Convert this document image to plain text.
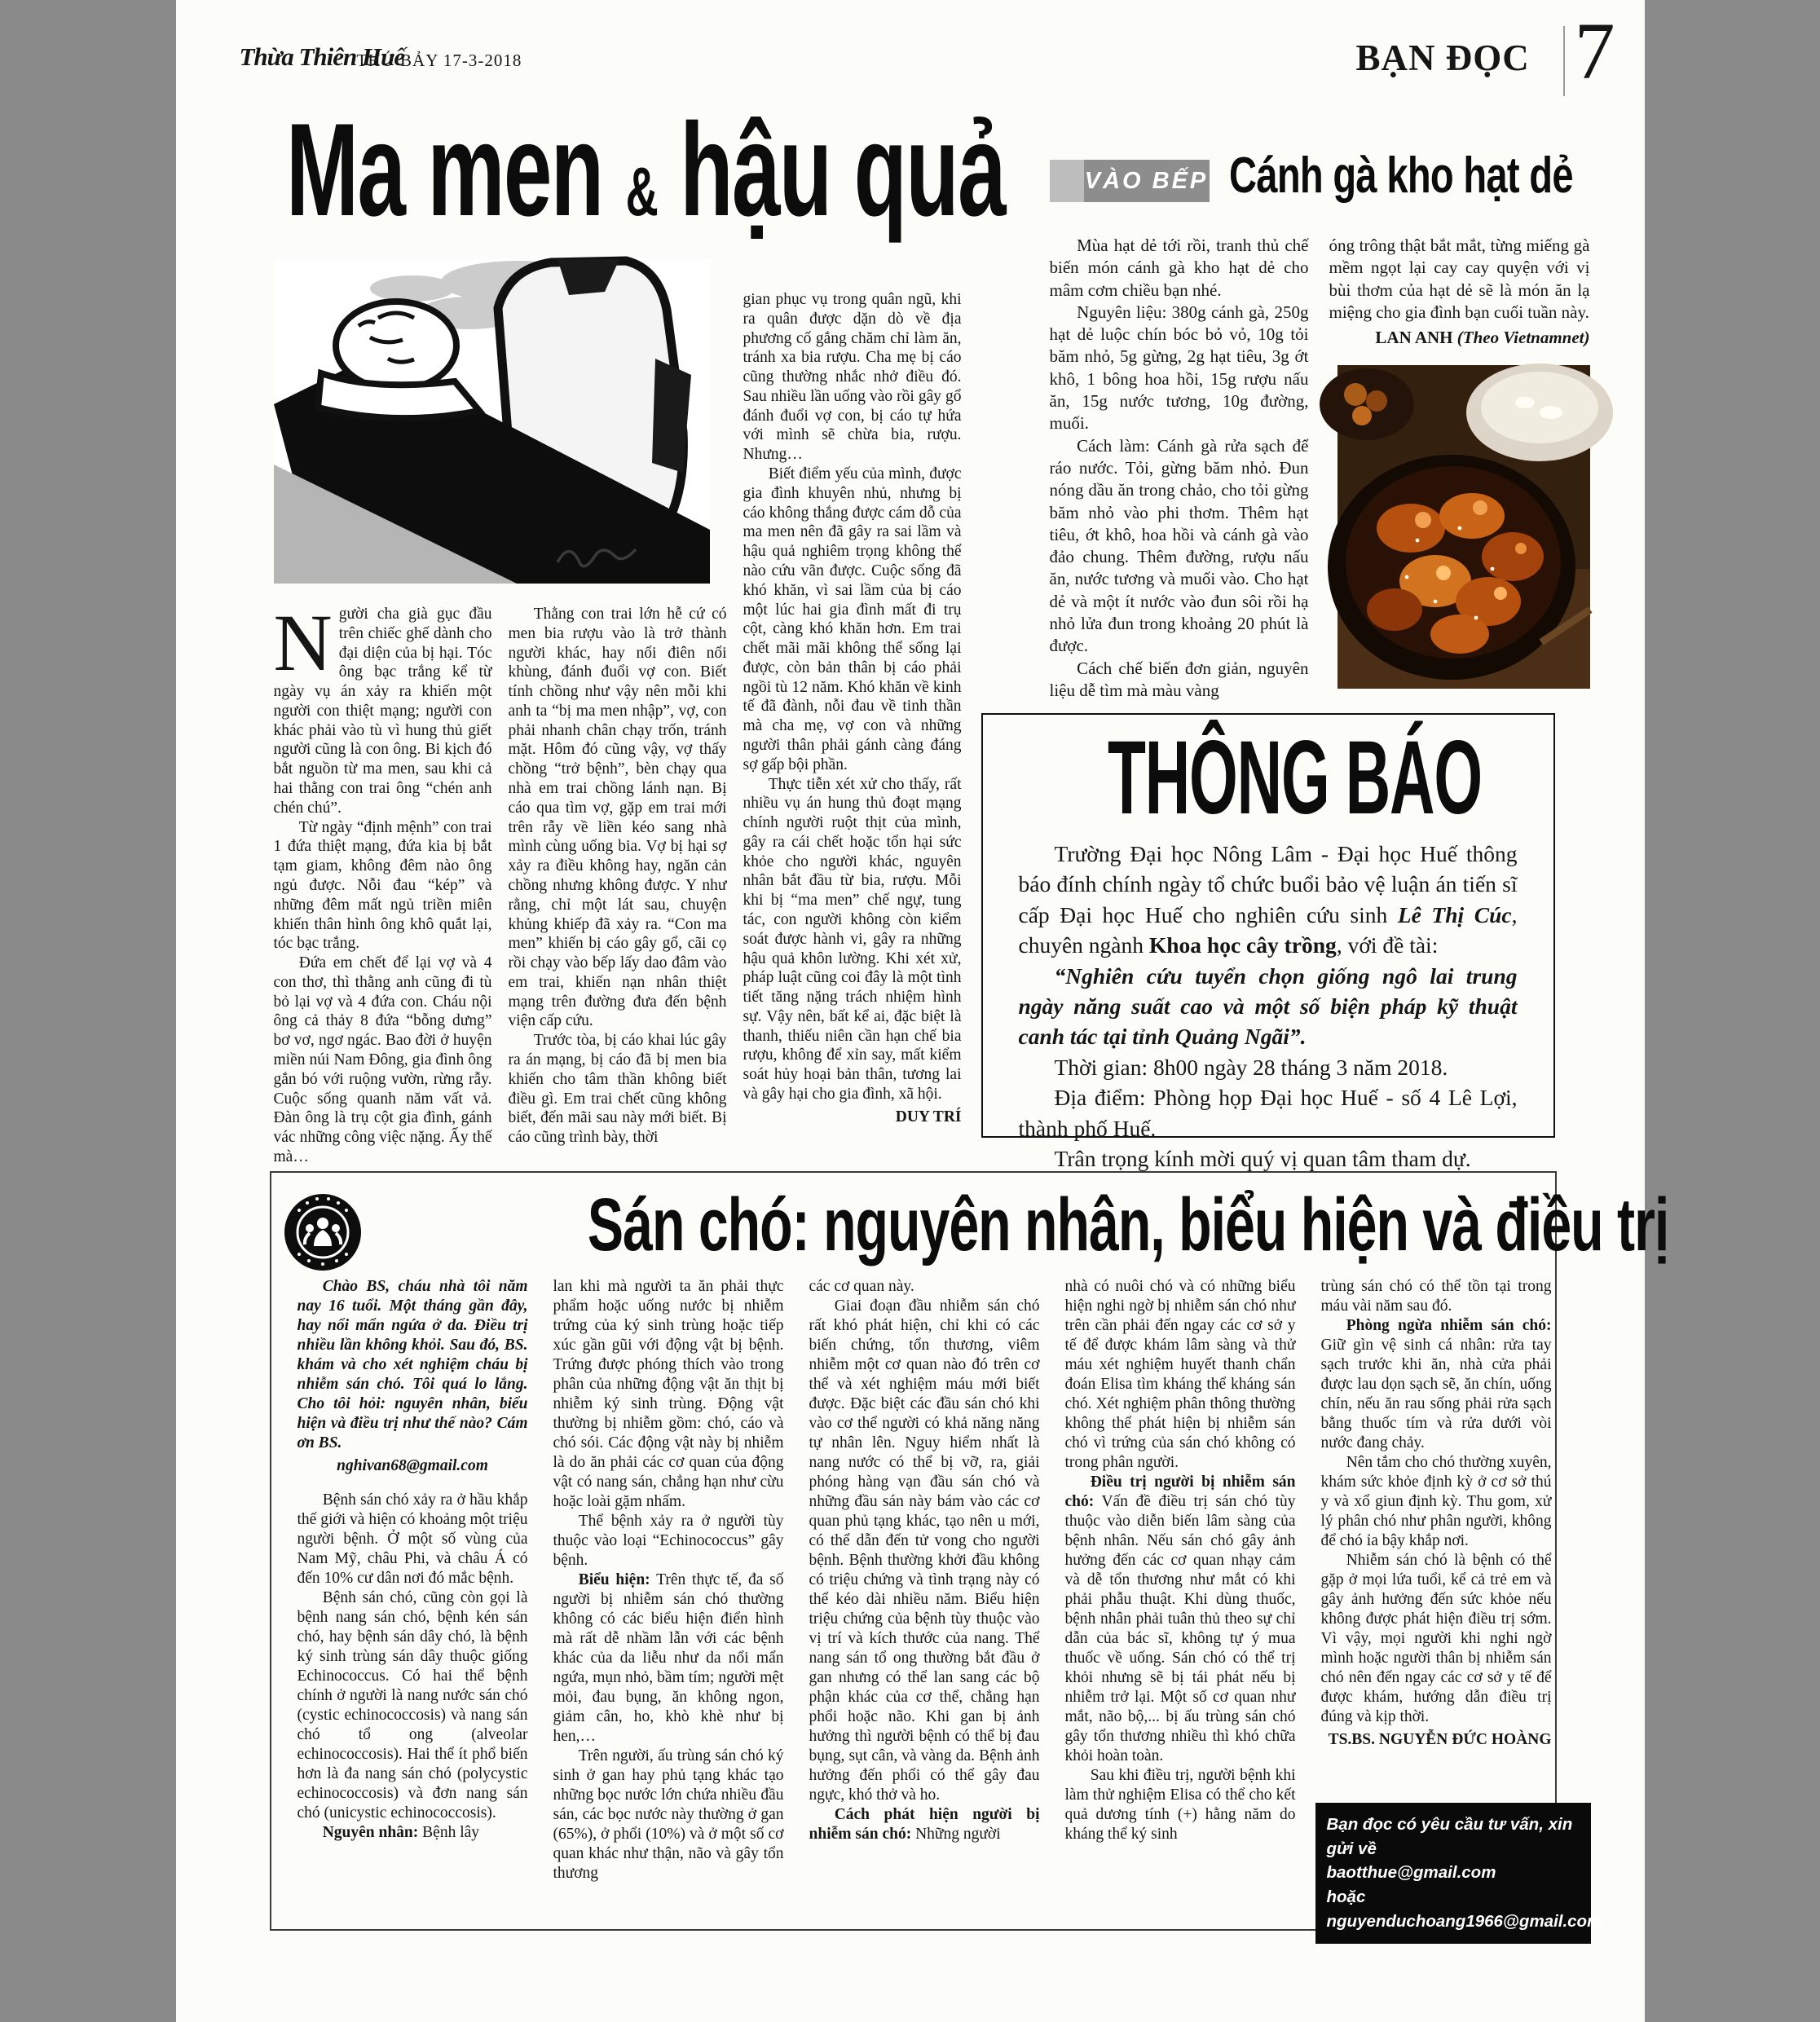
Thừa Thiên Huế
THỨ BẢY 17-3-2018	BẠN ĐỌC 7
Ma men & hậu quả

Người cha già gục đầu trên chiếc ghế dành cho đại diện của bị hại. Tóc ông bạc trắng kể từ ngày vụ án xảy ra khiến một người con thiệt mạng; người con khác phải vào tù vì hung thủ giết người cũng là con ông. Bi kịch đó bắt nguồn từ ma men, sau khi cả hai thằng con trai ông “chén anh chén chú”.

Từ ngày “định mệnh” con trai 1 đứa thiệt mạng, đứa kia bị bắt tạm giam, không đêm nào ông ngủ được. Nỗi đau “kép” và những đêm mất ngủ triền miên khiến thân hình ông khô quắt lại, tóc bạc trắng.

Đứa em chết để lại vợ và 4 con thơ, thì thằng anh cũng đi tù bỏ lại vợ và 4 đứa con. Cháu nội ông cả thảy 8 đứa “bỗng dưng” bơ vơ, ngơ ngác. Bao đời ở huyện miền núi Nam Đông, gia đình ông gắn bó với ruộng vườn, rừng rẫy. Cuộc sống quanh năm vất vả. Đàn ông là trụ cột gia đình, gánh vác những công việc nặng. Ấy thế mà…

Thằng con trai lớn hễ cứ có men bia rượu vào là trở thành người khác, hay nổi điên nổi khùng, đánh đuổi vợ con. Biết tính chồng như vậy nên mỗi khi anh ta “bị ma men nhập”, vợ, con phải nhanh chân chạy trốn, tránh mặt. Hôm đó cũng vậy, vợ thấy chồng “trở bệnh”, bèn chạy qua nhà em trai chồng lánh nạn. Bị cáo qua tìm vợ, gặp em trai mới trên rẫy về liền kéo sang nhà mình cùng uống bia. Vợ bị hại sợ xảy ra điều không hay, ngăn cản chồng nhưng không được. Y như rằng, chỉ một lát sau, chuyện khủng khiếp đã xảy ra. “Con ma men” khiến bị cáo gây gổ, cãi cọ rồi chạy vào bếp lấy dao đâm vào em trai, khiến nạn nhân thiệt mạng trên đường đưa đến bệnh viện cấp cứu.

Trước tòa, bị cáo khai lúc gây ra án mạng, bị cáo đã bị men bia khiến cho tâm thần không biết điều gì. Em trai chết cũng không biết, đến mãi sau này mới biết. Bị cáo cũng trình bày, thời

gian phục vụ trong quân ngũ, khi ra quân được dặn dò về địa phương cố gắng chăm chỉ làm ăn, tránh xa bia rượu. Cha mẹ bị cáo cũng thường nhắc nhở điều đó. Sau nhiều lần uống vào rồi gây gổ đánh đuổi vợ con, bị cáo tự hứa với mình sẽ chừa bia, rượu. Nhưng…

Biết điểm yếu của mình, được gia đình khuyên nhủ, nhưng bị cáo không thắng được cám dỗ của ma men nên đã gây ra sai lầm và hậu quả nghiêm trọng không thể nào cứu vãn được. Cuộc sống đã khó khăn, vì sai lầm của bị cáo một lúc hai gia đình mất đi trụ cột, càng khó khăn hơn. Em trai chết mãi mãi không thể sống lại được, còn bản thân bị cáo phải ngồi tù 12 năm. Khó khăn về kinh tế đã đành, nỗi đau về tinh thần mà cha mẹ, vợ con và những người thân phải gánh càng đáng sợ gấp bội phần.

Thực tiễn xét xử cho thấy, rất nhiều vụ án hung thủ đoạt mạng chính người ruột thịt của mình, gây ra cái chết hoặc tổn hại sức khỏe cho người khác, nguyên nhân bắt đầu từ bia, rượu. Mỗi khi bị “ma men” chế ngự, tung tác, con người không còn kiểm soát được hành vi, gây ra những hậu quả khôn lường. Khi xét xử, pháp luật cũng coi đây là một tình tiết tăng nặng trách nhiệm hình sự. Vậy nên, bất kể ai, đặc biệt là thanh, thiếu niên cần hạn chế bia rượu, không để xỉn say, mất kiểm soát hủy hoại bản thân, tương lai và gây hại cho gia đình, xã hội.

DUY TRÍ

VÀO BẾP Cánh gà kho hạt dẻ

Mùa hạt dẻ tới rồi, tranh thủ chế biến món cánh gà kho hạt dẻ cho mâm cơm chiều bạn nhé.

Nguyên liệu: 380g cánh gà, 250g hạt dẻ luộc chín bóc bỏ vỏ, 10g tỏi băm nhỏ, 5g gừng, 2g hạt tiêu, 3g ớt khô, 1 bông hoa hồi, 15g rượu nấu ăn, 15g nước tương, 10g đường, muối.

Cách làm: Cánh gà rửa sạch để ráo nước. Tỏi, gừng băm nhỏ. Đun nóng dầu ăn trong chảo, cho tỏi gừng băm nhỏ vào phi thơm. Thêm hạt tiêu, ớt khô, hoa hồi và cánh gà vào đảo chung. Thêm đường, rượu nấu ăn, nước tương và muối vào. Cho hạt dẻ và một ít nước vào đun sôi rồi hạ nhỏ lửa đun trong khoảng 20 phút là được.

Cách chế biến đơn giản, nguyên liệu dễ tìm mà màu vàng

óng trông thật bắt mắt, từng miếng gà mềm ngọt lại cay cay quyện với vị bùi thơm của hạt dẻ sẽ là món ăn lạ miệng cho gia đình bạn cuối tuần này.

LAN ANH (Theo Vietnamnet)

THÔNG BÁO

Trường Đại học Nông Lâm - Đại học Huế thông báo đính chính ngày tổ chức buổi bảo vệ luận án tiến sĩ cấp Đại học Huế cho nghiên cứu sinh Lê Thị Cúc, chuyên ngành Khoa học cây trồng, với đề tài:

“Nghiên cứu tuyển chọn giống ngô lai trung ngày năng suất cao và một số biện pháp kỹ thuật canh tác tại tỉnh Quảng Ngãi”.

Thời gian: 8h00 ngày 28 tháng 3 năm 2018.

Địa điểm: Phòng họp Đại học Huế - số 4 Lê Lợi, thành phố Huế.

Trân trọng kính mời quý vị quan tâm tham dự.

Sán chó: nguyên nhân, biểu hiện và điều trị

Chào BS, cháu nhà tôi năm nay 16 tuổi. Một tháng gần đây, hay nổi mẩn ngứa ở da. Điều trị nhiều lần không khỏi. Sau đó, BS. khám và cho xét nghiệm cháu bị nhiễm sán chó. Tôi quá lo lắng. Cho tôi hỏi: nguyên nhân, biểu hiện và điều trị như thế nào? Cám ơn BS.

nghivan68@gmail.com

Bệnh sán chó xảy ra ở hầu khắp thế giới và hiện có khoảng một triệu người bệnh. Ở một số vùng của Nam Mỹ, châu Phi, và châu Á có đến 10% cư dân nơi đó mắc bệnh.

Bệnh sán chó, cũng còn gọi là bệnh nang sán chó, bệnh kén sán chó, hay bệnh sán dây chó, là bệnh ký sinh trùng sán dây thuộc giống Echinococcus. Có hai thể bệnh chính ở người là nang nước sán chó (cystic echinococcosis) và nang sán chó tổ ong (alveolar echinococcosis). Hai thể ít phổ biến hơn là đa nang sán chó (polycystic echinococcosis) và đơn nang sán chó (unicystic echinococcosis).

Nguyên nhân: Bệnh lây

lan khi mà người ta ăn phải thực phẩm hoặc uống nước bị nhiễm trứng của ký sinh trùng hoặc tiếp xúc gần gũi với động vật bị bệnh. Trứng được phóng thích vào trong phân của những động vật ăn thịt bị nhiễm ký sinh trùng. Động vật thường bị nhiễm gồm: chó, cáo và chó sói. Các động vật này bị nhiễm là do ăn phải các cơ quan của động vật có nang sán, chẳng hạn như cừu hoặc loài gặm nhấm.

Thể bệnh xảy ra ở người tùy thuộc vào loại “Echinococcus” gây bệnh.

Biểu hiện: Trên thực tế, đa số người bị nhiễm sán chó thường không có các biểu hiện điển hình mà rất dễ nhầm lẫn với các bệnh khác của da liễu như da nổi mẩn ngứa, mụn nhỏ, bầm tím; người mệt mỏi, đau bụng, ăn không ngon, giảm cân, ho, khò khè như bị hen,…

Trên người, ấu trùng sán chó ký sinh ở gan hay phủ tạng khác tạo những bọc nước lớn chứa nhiều đầu sán, các bọc nước này thường ở gan (65%), ở phổi (10%) và ở một số cơ quan khác như thận, não và gây tổn thương

các cơ quan này.

Giai đoạn đầu nhiễm sán chó rất khó phát hiện, chỉ khi có các biến chứng, tổn thương, viêm nhiễm một cơ quan nào đó trên cơ thể và xét nghiệm máu mới biết được. Đặc biệt các đầu sán chó khi vào cơ thể người có khả năng năng tự nhân lên. Nguy hiểm nhất là nang nước có thể bị vỡ, ra, giải phóng hàng vạn đầu sán chó và những đầu sán này bám vào các cơ quan phủ tạng khác, tạo nên u mới, có thể dẫn đến tử vong cho người bệnh. Bệnh thường khởi đầu không có triệu chứng và tình trạng này có thể kéo dài nhiều năm. Biểu hiện triệu chứng của bệnh tùy thuộc vào vị trí và kích thước của nang. Thể nang sán tổ ong thường bắt đầu ở gan nhưng có thể lan sang các bộ phận khác của cơ thể, chẳng hạn phổi hoặc não. Khi gan bị ảnh hưởng thì người bệnh có thể bị đau bụng, sụt cân, và vàng da. Bệnh ảnh hưởng đến phổi có thể gây đau ngực, khó thở và ho.

Cách phát hiện người bị nhiễm sán chó: Những người

nhà có nuôi chó và có những biểu hiện nghi ngờ bị nhiễm sán chó như trên cần phải đến ngay các cơ sở y tế để được khám lâm sàng và thử máu xét nghiệm huyết thanh chẩn đoán Elisa tìm kháng thể kháng sán chó. Xét nghiệm phân thông thường không thể phát hiện bị nhiễm sán chó vì trứng của sán chó không có trong phân người.

Điều trị người bị nhiễm sán chó: Vấn đề điều trị sán chó tùy thuộc vào diễn biến lâm sàng của bệnh nhân. Nếu sán chó gây ảnh hưởng đến các cơ quan nhạy cảm và dễ tổn thương như mắt có khi phải phẫu thuật. Khi dùng thuốc, bệnh nhân phải tuân thủ theo sự chỉ dẫn của bác sĩ, không tự ý mua thuốc về uống. Sán chó có thể trị khỏi nhưng sẽ bị tái phát nếu bị nhiễm trở lại. Một số cơ quan như mắt, não bộ,... bị ấu trùng sán chó gây tổn thương nhiều thì khó chữa khỏi hoàn toàn.

Sau khi điều trị, người bệnh khi làm thử nghiệm Elisa có thể cho kết quả dương tính (+) hằng năm do kháng thể ký sinh

trùng sán chó có thể tồn tại trong máu vài năm sau đó.

Phòng ngừa nhiễm sán chó: Giữ gìn vệ sinh cá nhân: rửa tay sạch trước khi ăn, nhà cửa phải được lau dọn sạch sẽ, ăn chín, uống chín, nếu ăn rau sống phải rửa sạch bằng thuốc tím và rửa dưới vòi nước đang chảy.

Nên tắm cho chó thường xuyên, khám sức khỏe định kỳ ở cơ sở thú y và xổ giun định kỳ. Thu gom, xử lý phân chó như phân người, không để chó ỉa bậy khắp nơi.

Nhiễm sán chó là bệnh có thể gặp ở mọi lứa tuổi, kể cả trẻ em và gây ảnh hưởng đến sức khỏe nếu không được phát hiện điều trị sớm. Vì vậy, mọi người khi nghi ngờ mình hoặc người thân bị nhiễm sán chó nên đến ngay các cơ sở y tế để được khám, hướng dẫn điều trị đúng và kịp thời.

TS.BS. NGUYỄN ĐỨC HOÀNG

Bạn đọc có yêu cầu tư vấn, xin gửi về

baotthue@gmail.com

hoặc nguyenduchoang1966@gmail.com
